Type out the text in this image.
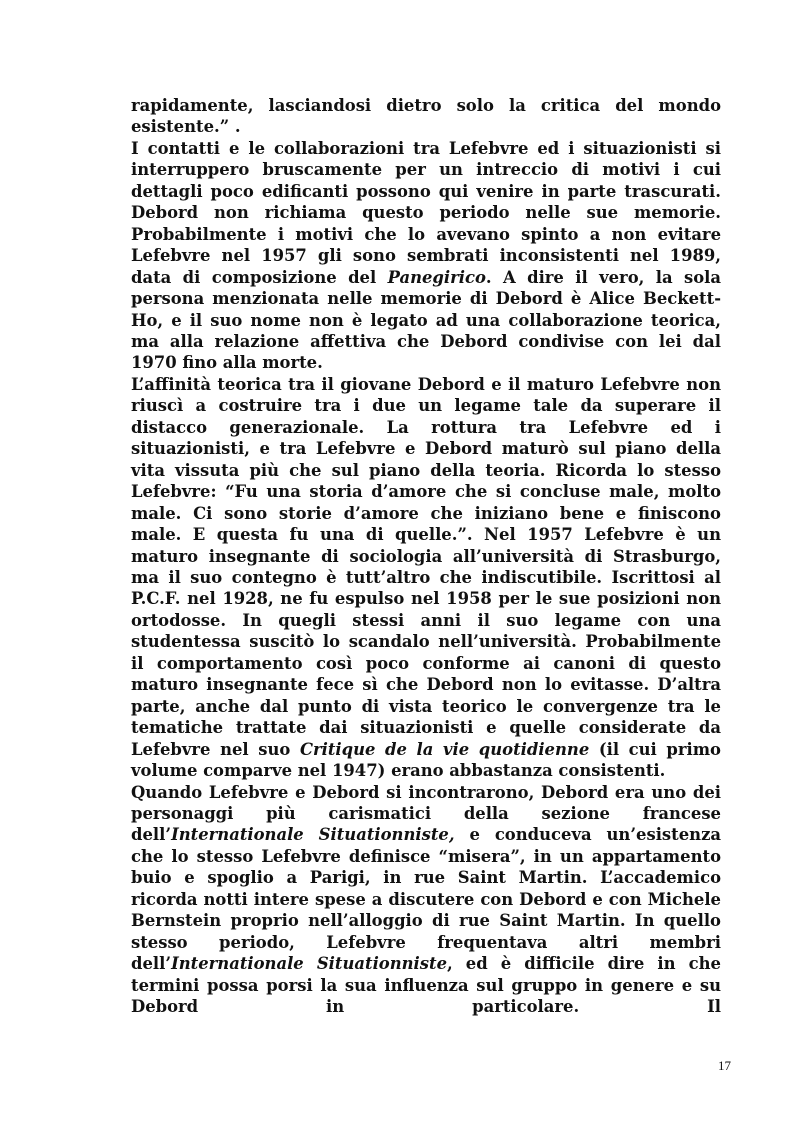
rapidamente, lasciandosi dietro solo la critica del mondo esistente.” .

I contatti e le collaborazioni tra Lefebvre ed i situazionisti si interruppero bruscamente per un intreccio di motivi i cui dettagli poco edificanti possono qui venire in parte trascurati. Debord non richiama questo periodo nelle sue memorie. Probabilmente i motivi che lo avevano spinto a non evitare Lefebvre nel 1957 gli sono sembrati inconsistenti nel 1989, data di composizione del Panegirico. A dire il vero, la sola persona menzionata nelle memorie di Debord è Alice Beckett-Ho, e il suo nome non è legato ad una collaborazione teorica, ma alla relazione affettiva che Debord condivise con lei dal 1970 fino alla morte.

L’affinità teorica tra il giovane Debord e il maturo Lefebvre non riuscì a costruire tra i due un legame tale da superare il distacco generazionale. La rottura tra Lefebvre ed i situazionisti, e tra Lefebvre e Debord maturò sul piano della vita vissuta più che sul piano della teoria. Ricorda lo stesso Lefebvre: “Fu una storia d’amore che si concluse male, molto male. Ci sono storie d’amore che iniziano bene e finiscono male. E questa fu una di quelle.”. Nel 1957 Lefebvre è un maturo insegnante di sociologia all’università di Strasburgo, ma il suo contegno è tutt’altro che indiscutibile. Iscrittosi al P.C.F. nel 1928, ne fu espulso nel 1958 per le sue posizioni non ortodosse. In quegli stessi anni il suo legame con una studentessa suscitò lo scandalo nell’università. Probabilmente il comportamento così poco conforme ai canoni di questo maturo insegnante fece sì che Debord non lo evitasse. D’altra parte, anche dal punto di vista teorico le convergenze tra le tematiche trattate dai situazionisti e quelle considerate da Lefebvre nel suo Critique de la vie quotidienne (il cui primo volume comparve nel 1947) erano abbastanza consistenti.

Quando Lefebvre e Debord si incontrarono, Debord era uno dei personaggi più carismatici della sezione francese dell’Internationale Situationniste, e conduceva un’esistenza che lo stesso Lefebvre definisce “misera”, in un appartamento buio e spoglio a Parigi, in rue Saint Martin. L’accademico ricorda notti intere spese a discutere con Debord e con Michele Bernstein proprio nell’alloggio di rue Saint Martin. In quello stesso periodo, Lefebvre frequentava altri membri dell’Internationale Situationniste, ed è difficile dire in che termini possa porsi la sua influenza sul gruppo in genere e su Debord in particolare. Il

17
